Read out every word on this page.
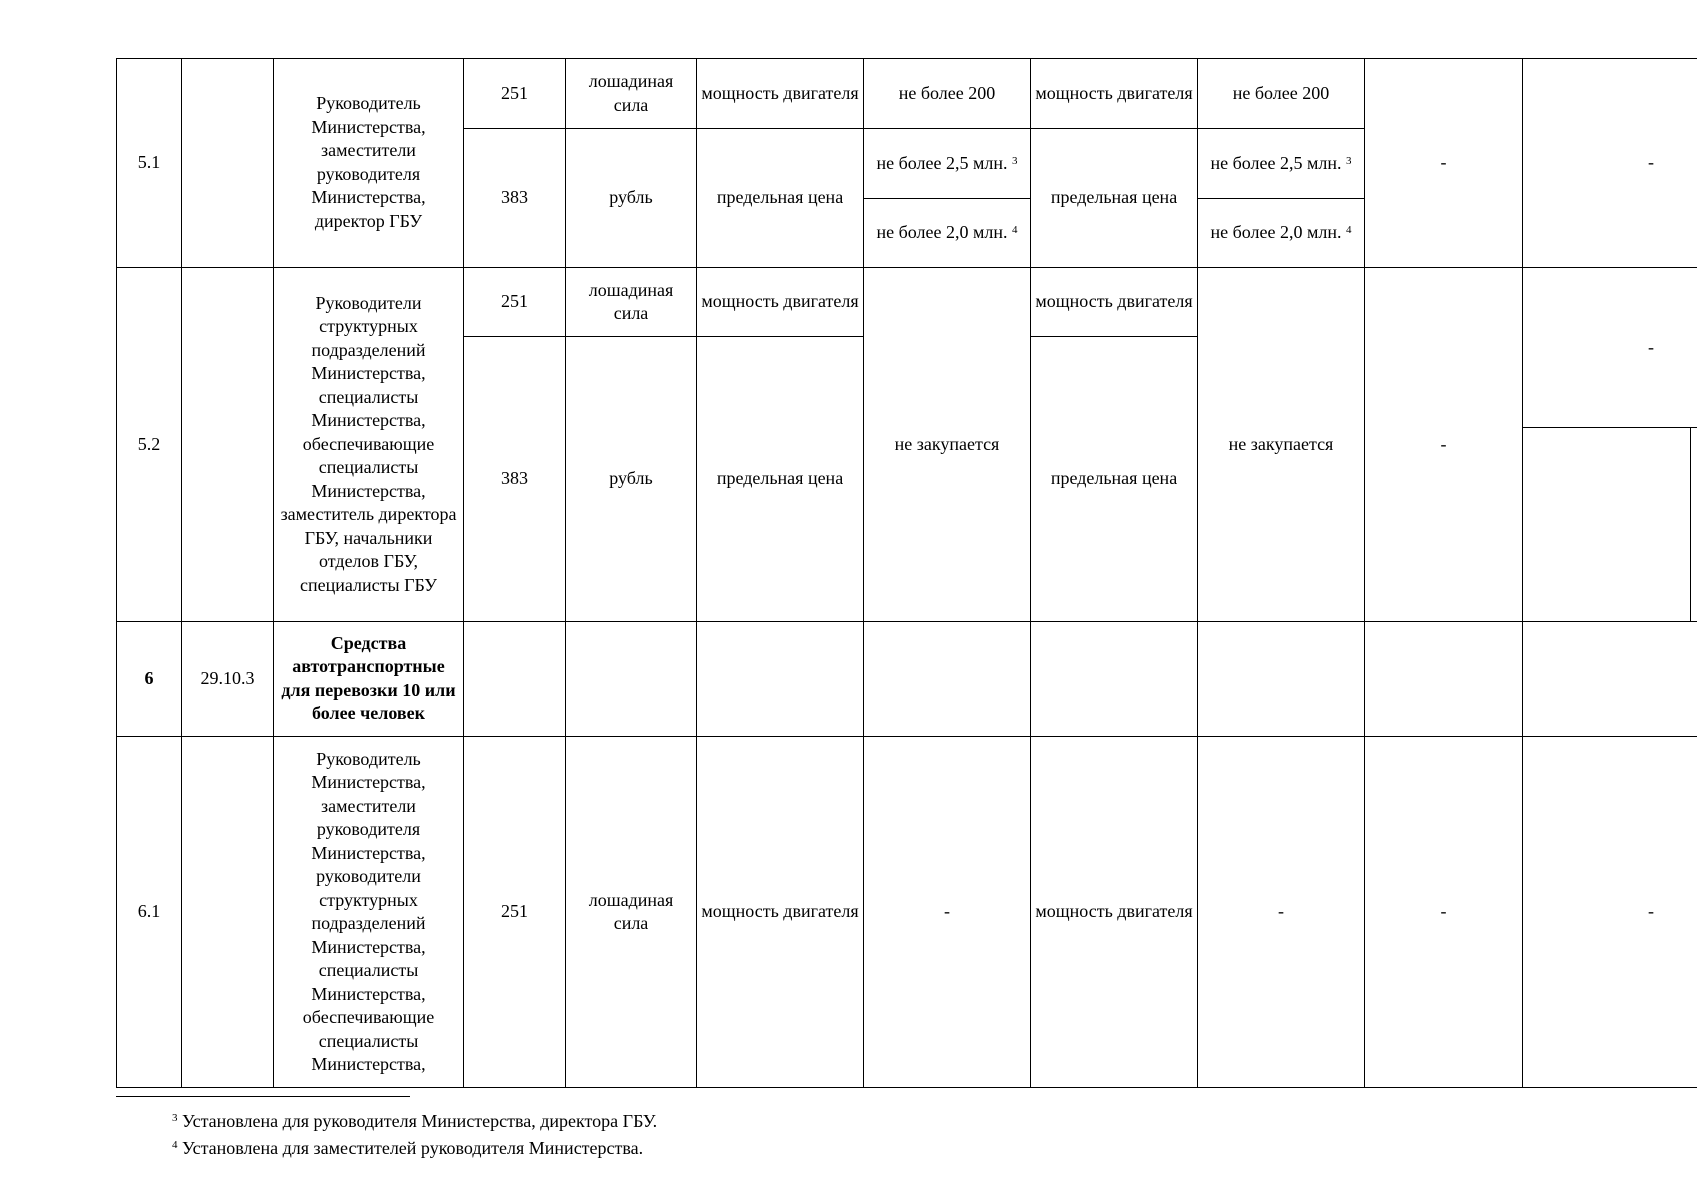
5.1		Руководитель Министерства, заместители руководителя Министерства, директор ГБУ	251	лошадиная сила	мощность двигателя	не более 200	мощность двигателя	не более 200	-	-	
			383	рубль	предельная цена	не более 2,5 млн. $^3$	предельная цена	не более 2,5 млн. $^3$
						не более 2,0 млн. $^4$		не более 2,0 млн. $^4$
5.2		Руководители структурных подразделений Министерства, специалисты Министерства, обеспечивающие специалисты Министерства, заместитель директора ГБУ, начальники отделов ГБУ, специалисты ГБУ	251	лошадиная сила	мощность двигателя	не закупается	мощность двигателя	не закупается	-	-	
			383	рубль	предельная цена		предельная цена				

6	29.10.3	Средства автотранспортные для перевозки 10 или более человек									
6.1		Руководитель Министерства, заместители руководителя Министерства, руководители структурных подразделений Министерства, специалисты Министерства, обеспечивающие специалисты Министерства,	251	лошадиная сила	мощность двигателя	-	мощность двигателя	-	-	-	
$^3$ Установлена для руководителя Министерства, директора ГБУ.
$^4$ Установлена для заместителей руководителя Министерства.
